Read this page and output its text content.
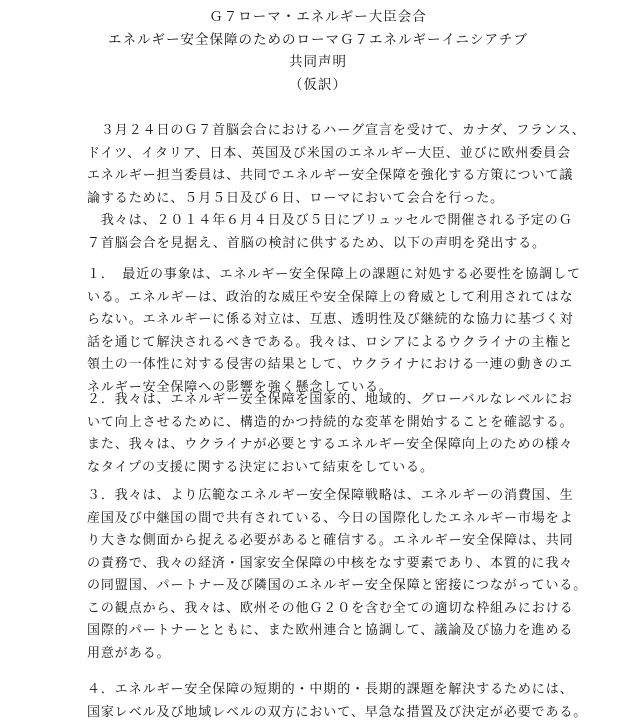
Ｇ７ローマ・エネルギー大臣会合
エネルギー安全保障のためのローマＧ７エネルギーイニシアチブ
共同声明
（仮訳）
　３月２４日のＧ７首脳会合におけるハーグ宣言を受けて、カナダ、フランス、
ドイツ、イタリア、日本、英国及び米国のエネルギー大臣、並びに欧州委員会
エネルギー担当委員は、共同でエネルギー安全保障を強化する方策について議
論するために、５月５日及び６日、ローマにおいて会合を行った。
　我々は、２０１４年６月４日及び５日にブリュッセルで開催される予定のＧ
７首脳会合を見据え、首脳の検討に供するため、以下の声明を発出する。
１．　最近の事象は、エネルギー安全保障上の課題に対処する必要性を協調して
いる。エネルギーは、政治的な威圧や安全保障上の脅威として利用されてはな
らない。エネルギーに係る対立は、互恵、透明性及び継続的な協力に基づく対
話を通じて解決されるべきである。我々は、ロシアによるウクライナの主権と
領土の一体性に対する侵害の結果として、ウクライナにおける一連の動きのエ
ネルギー安全保障への影響を強く懸念している。
２．我々は、エネルギー安全保障を国家的、地域的、グローバルなレベルにお
いて向上させるために、構造的かつ持続的な変革を開始することを確認する。
また、我々は、ウクライナが必要とするエネルギー安全保障向上のための様々
なタイプの支援に関する決定において結束をしている。
３．我々は、より広範なエネルギー安全保障戦略は、エネルギーの消費国、生
産国及び中継国の間で共有されている、今日の国際化したエネルギー市場をよ
り大きな側面から捉える必要があると確信する。エネルギー安全保障は、共同
の責務で、我々の経済・国家安全保障の中核をなす要素であり、本質的に我々
の同盟国、パートナー及び隣国のエネルギー安全保障と密接につながっている。
この観点から、我々は、欧州その他Ｇ２０を含む全ての適切な枠組みにおける
国際的パートナーとともに、また欧州連合と協調して、議論及び協力を進める
用意がある。
４．エネルギー安全保障の短期的・中期的・長期的課題を解決するためには、
国家レベル及び地域レベルの双方において、早急な措置及び決定が必要である。
